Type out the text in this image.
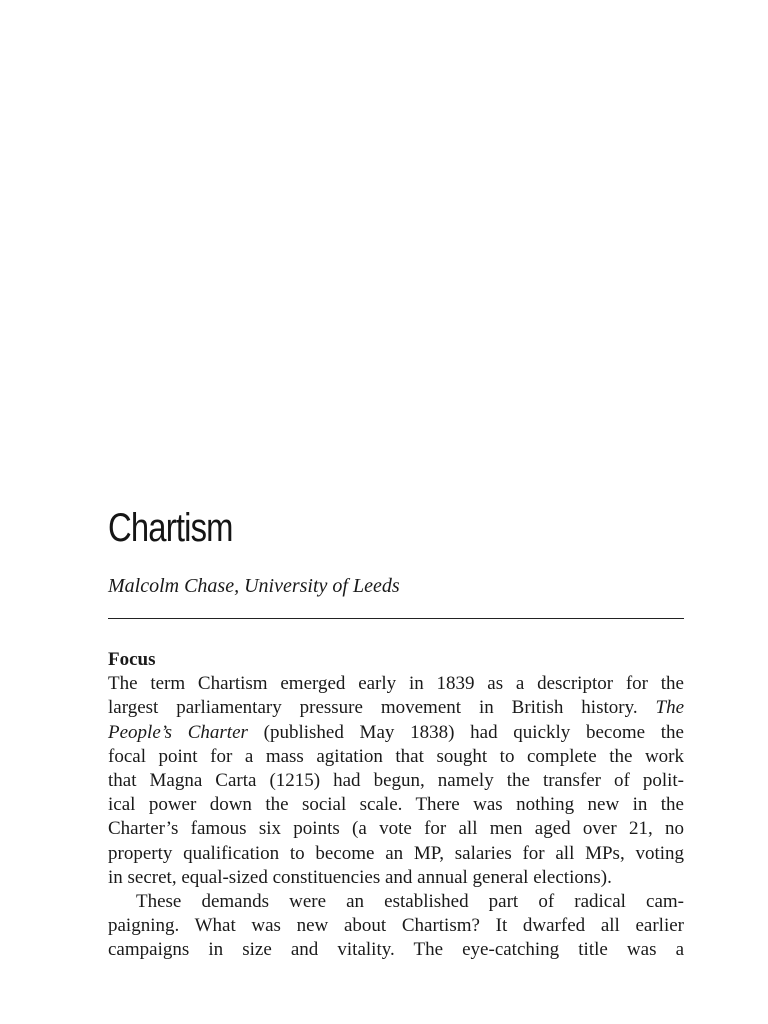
Chartism

Malcolm Chase, University of Leeds

Focus

The term Chartism emerged early in 1839 as a descriptor for the
largest parliamentary pressure movement in British history. The
People’s Charter (published May 1838) had quickly become the
focal point for a mass agitation that sought to complete the work
that Magna Carta (1215) had begun, namely the transfer of polit-
ical power down the social scale. There was nothing new in the
Charter’s famous six points (a vote for all men aged over 21, no
property qualification to become an MP, salaries for all MPs, voting
in secret, equal-sized constituencies and annual general elections).
These demands were an established part of radical cam-
paigning. What was new about Chartism? It dwarfed all earlier
campaigns in size and vitality. The eye-catching title was a
